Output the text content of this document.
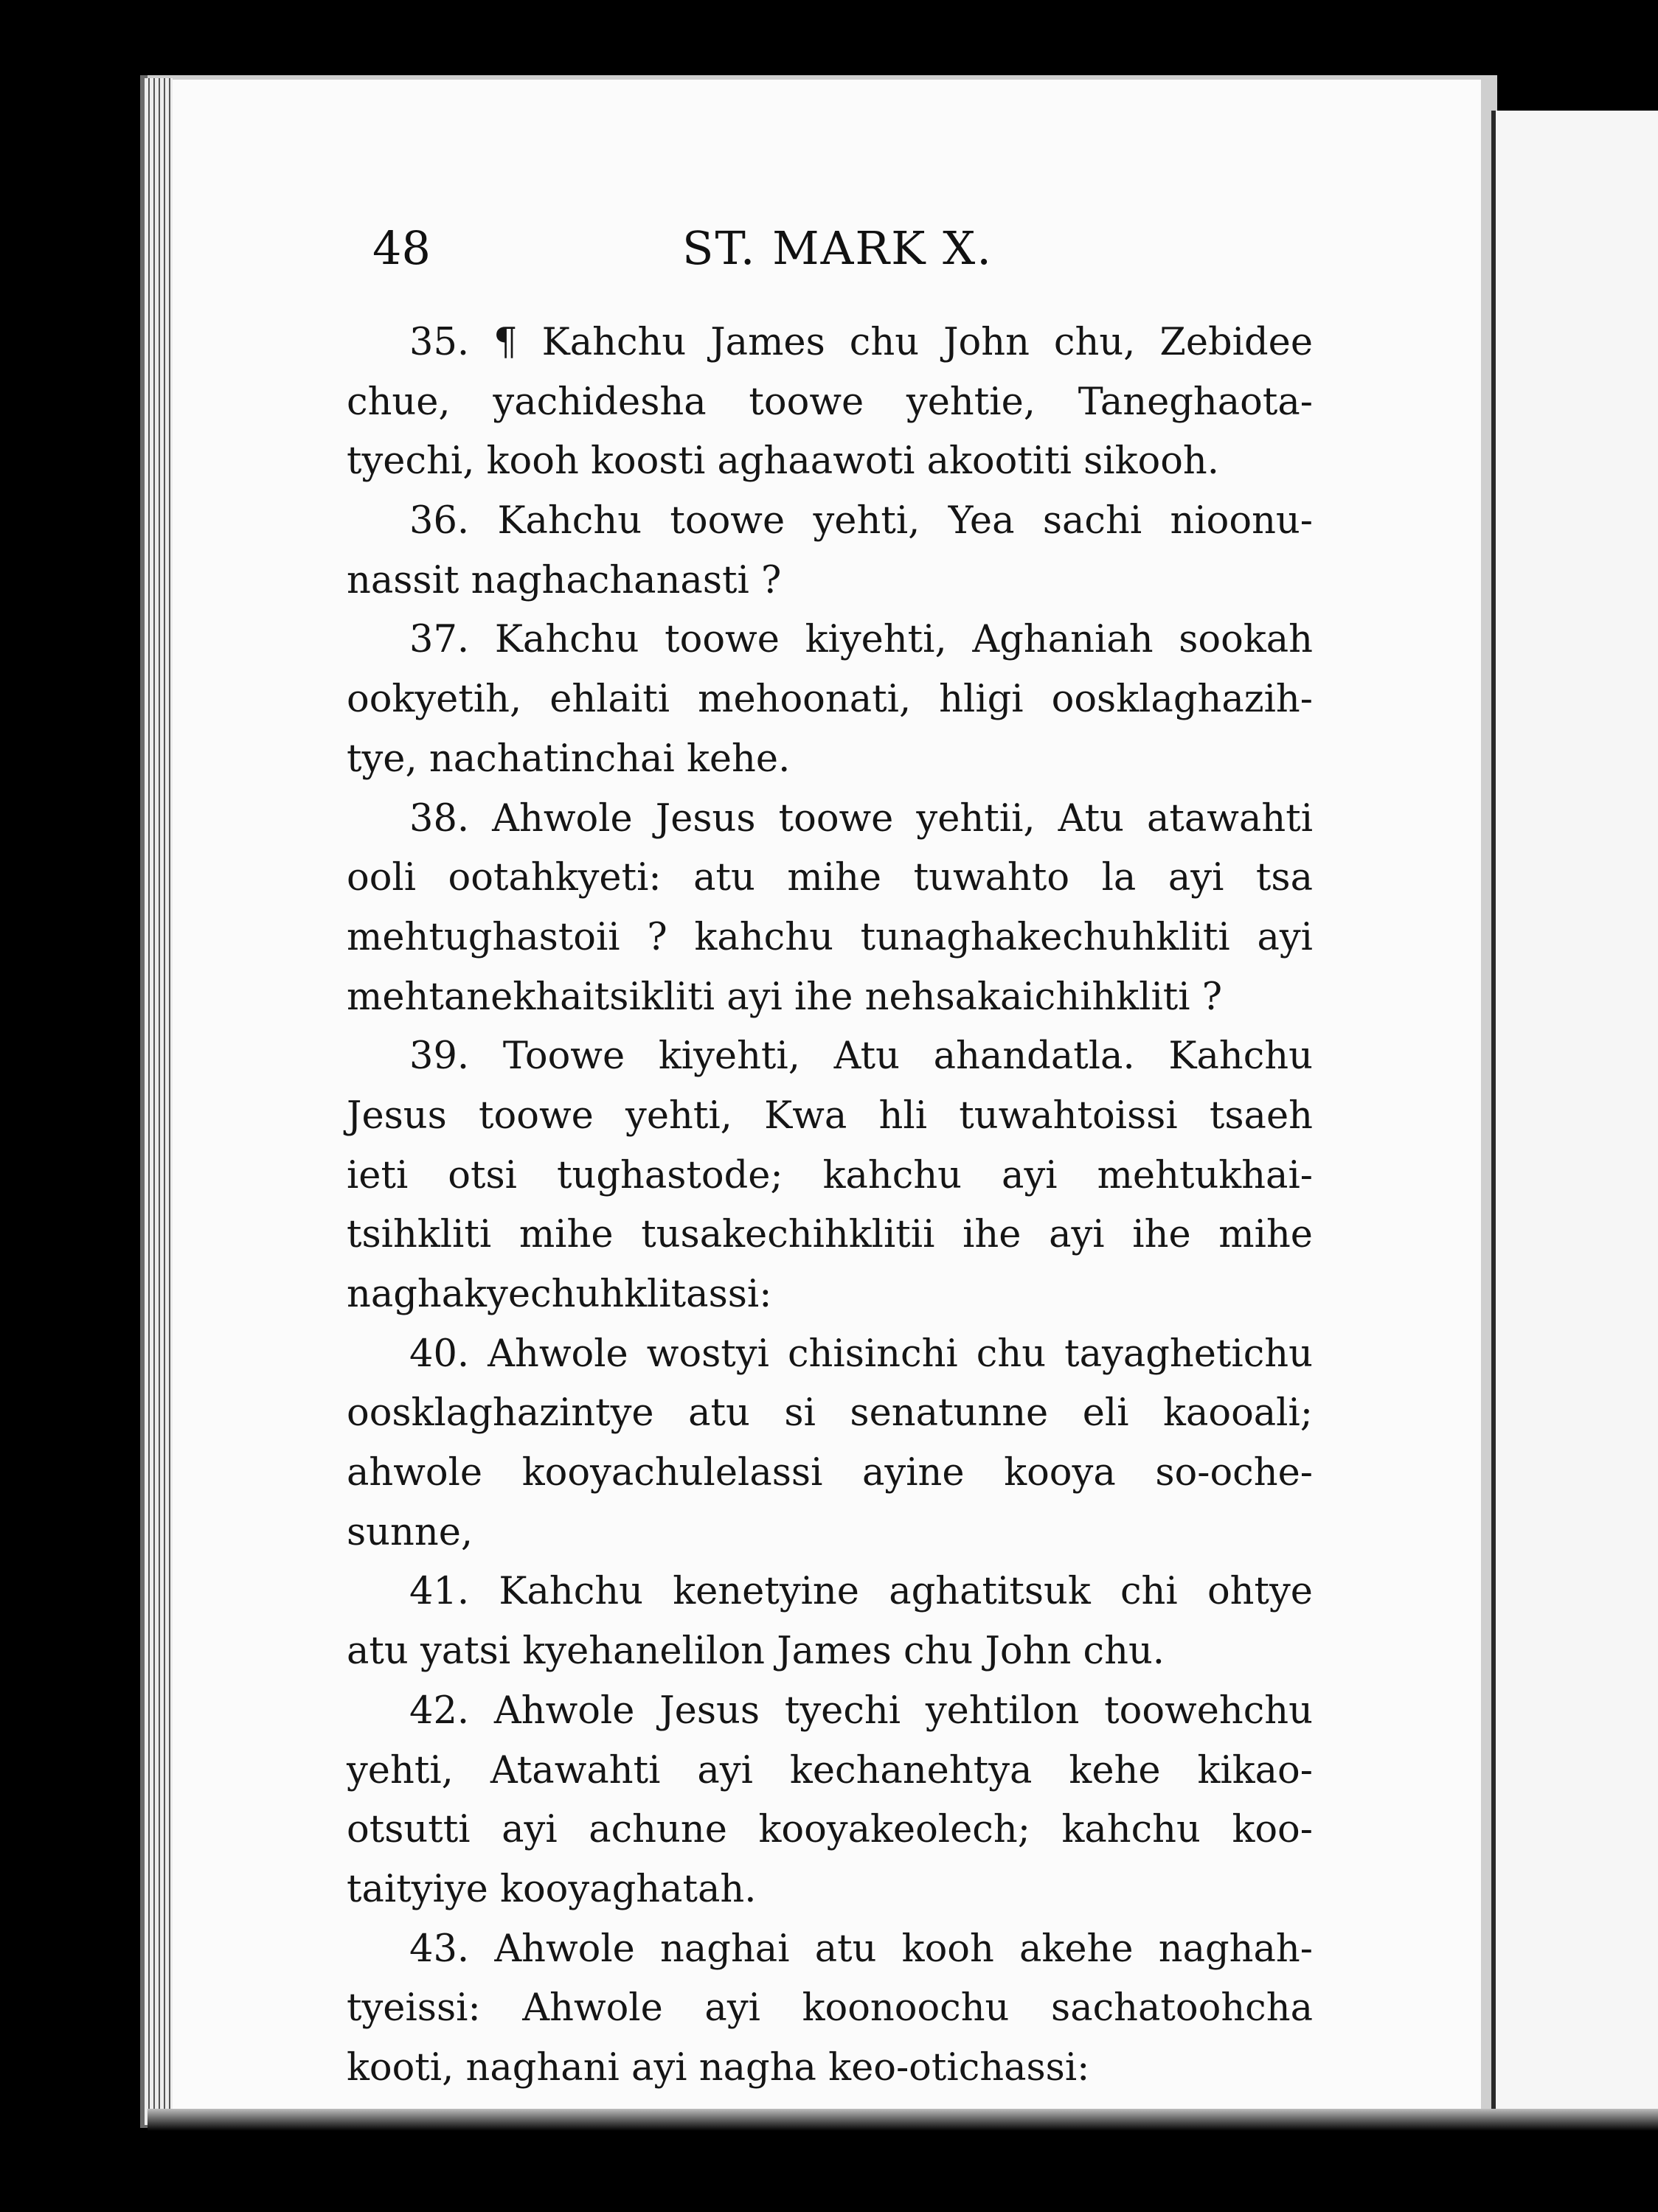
48	ST. MARK X.
35. ¶ Kahchu James chu John chu, Zebidee
chue, yachidesha toowe yehtie, Taneghaota-
tyechi, kooh koosti aghaawoti akootiti sikooh.
36. Kahchu toowe yehti, Yea sachi nioonu-
nassit naghachanasti ?
37. Kahchu toowe kiyehti, Aghaniah sookah
ookyetih, ehlaiti mehoonati, hligi oosklaghazih-
tye, nachatinchai kehe.
38. Ahwole Jesus toowe yehtii, Atu atawahti
ooli ootahkyeti: atu mihe tuwahto la ayi tsa
mehtughastoii ? kahchu tunaghakechuhkliti ayi
mehtanekhaitsikliti ayi ihe nehsakaichihkliti ?
39. Toowe kiyehti, Atu ahandatla. Kahchu
Jesus toowe yehti, Kwa hli tuwahtoissi tsaeh
ieti otsi tughastode; kahchu ayi mehtukhai-
tsihkliti mihe tusakechihklitii ihe ayi ihe mihe
naghakyechuhklitassi:
40. Ahwole wostyi chisinchi chu tayaghetichu
oosklaghazintye atu si senatunne eli kaooali;
ahwole kooyachulelassi ayine kooya so-oche-
sunne,
41. Kahchu kenetyine aghatitsuk chi ohtye
atu yatsi kyehanelilon James chu John chu.
42. Ahwole Jesus tyechi yehtilon toowehchu
yehti, Atawahti ayi kechanehtya kehe kikao-
otsutti ayi achune kooyakeolech; kahchu koo-
taityiye kooyaghatah.
43. Ahwole naghai atu kooh akehe naghah-
tyeissi: Ahwole ayi koonoochu sachatoohcha
kooti, naghani ayi nagha keo-otichassi:
